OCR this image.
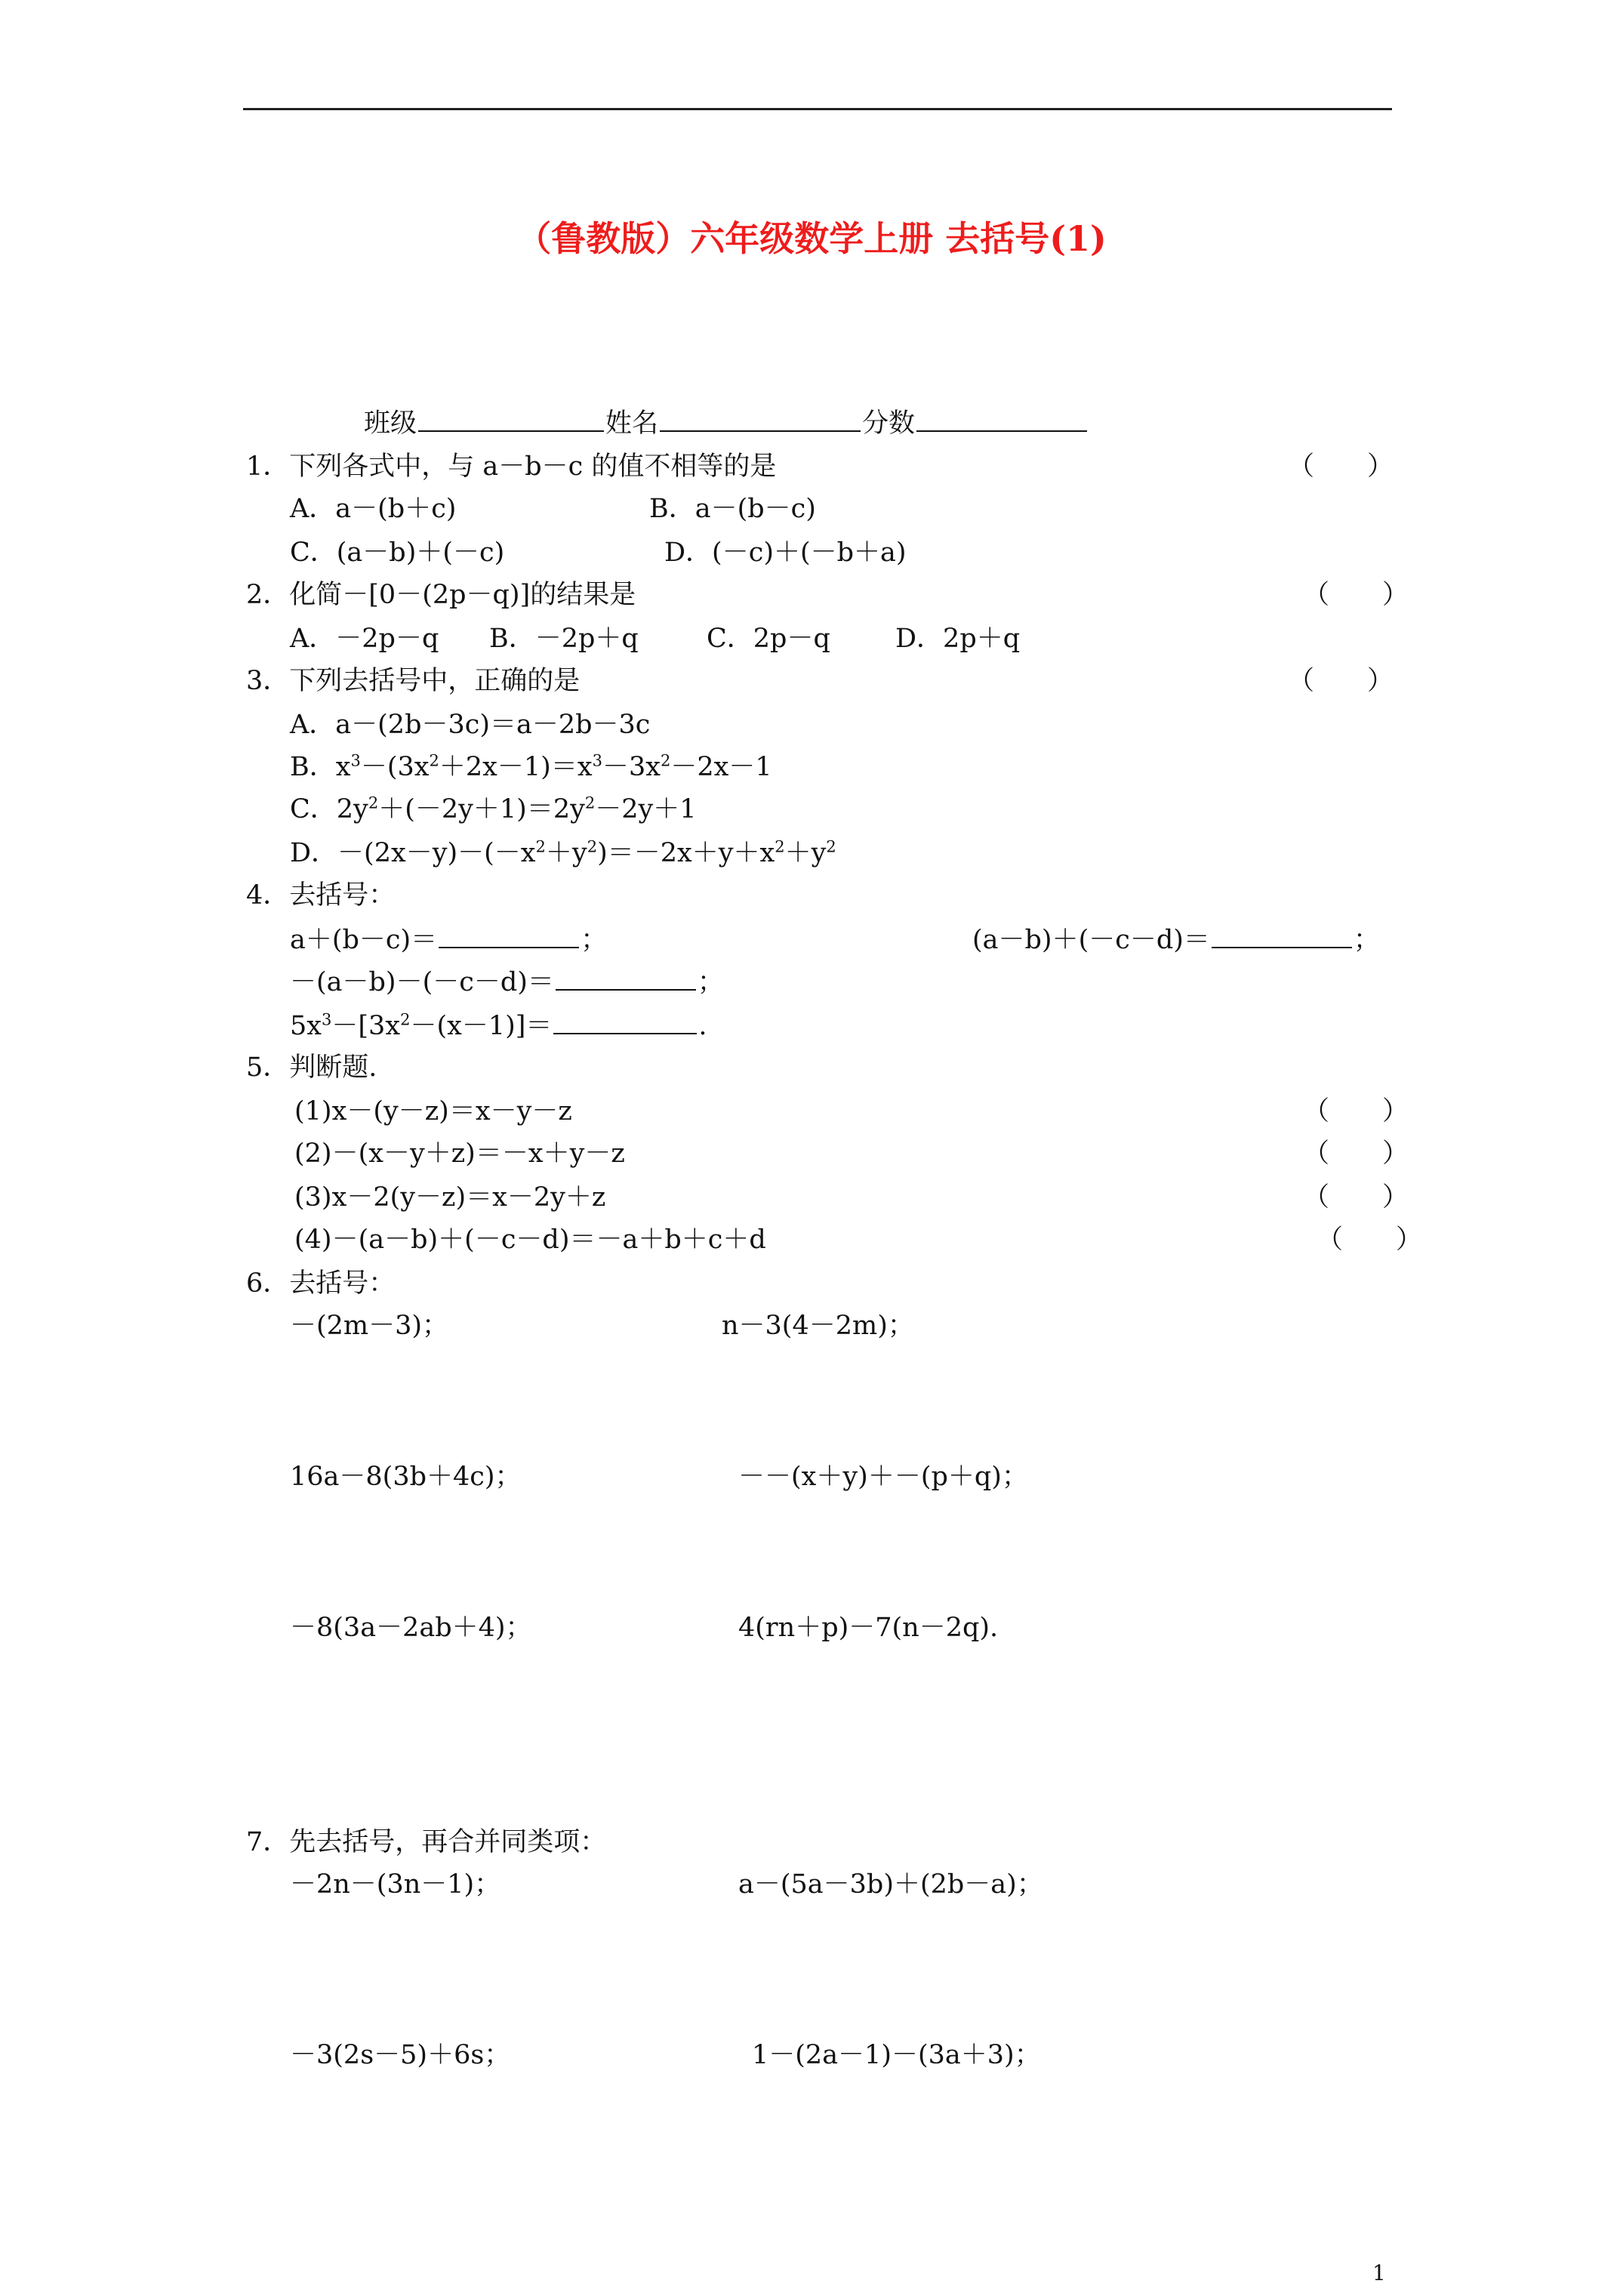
（鲁教版）六年级数学上册 去括号(1)
班级	姓名	分数
1．下列各式中，与 a－b－c 的值不相等的是	（　　）
A．a－(b＋c)	B．a－(b－c)
C．(a－b)＋(－c)	D．(－c)＋(－b＋a)
2．化简－[0－(2p－q)]的结果是	（　　）
A．－2p－q B．－2p＋q	C．2p－q D．2p＋q
3．下列去括号中，正确的是	（　　）
A．a－(2b－3c)＝a－2b－3c
B．$x^3-(3x^2+2x-1)=x^3-3x^2-2x-1$
C．$2y^2+(-2y+1)=2y^2-2y+1$
D．$-(2x-y)-(-x^2+y^2)=-2x+y+x^2+y^2$
4．去括号：
a＋(b－c)＝	；	(a－b)＋(－c－d)＝	；
－(a－b)－(－c－d)＝	；
$5x^3-[3x^2-(x-1)]=$	.
5．判断题.
(1)x－(y－z)＝x－y－z	（　　）
(2)－(x－y＋z)＝－x＋y－z	（　　）
(3)x－2(y－z)＝x－2y＋z	（　　）
(4)－(a－b)＋(－c－d)＝－a＋b＋c＋d	（　　）
6．去括号：
－(2m－3)；	n－3(4－2m)；
16a－8(3b＋4c)；	－－(x＋y)＋－(p＋q)；
－8(3a－2ab＋4)；	4(rn＋p)－7(n－2q).
7．先去括号，再合并同类项：
－2n－(3n－1)；	a－(5a－3b)＋(2b－a)；
－3(2s－5)＋6s；	1－(2a－1)－(3a＋3)；
1
